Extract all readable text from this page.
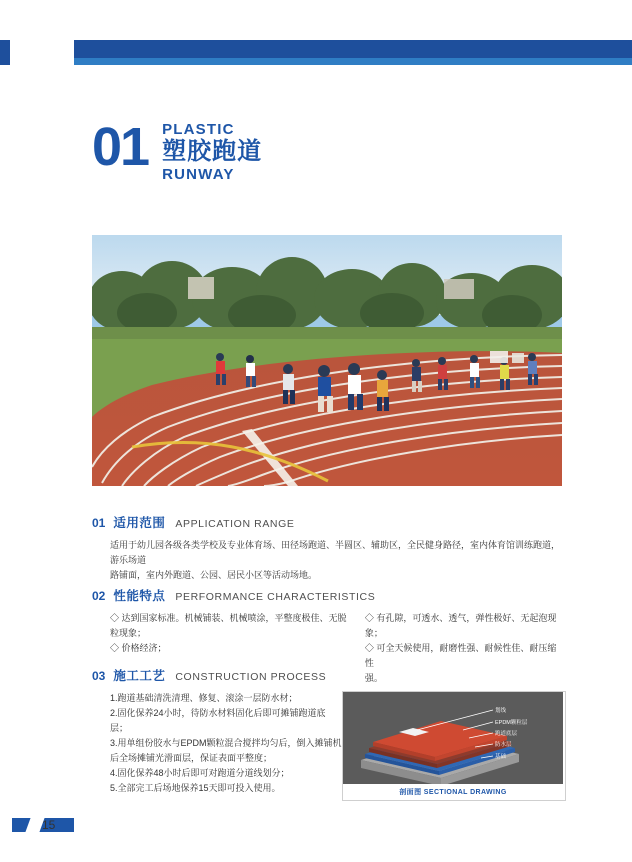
01 PLASTIC
塑胶跑道
RUNWAY
01 适用范围 APPLICATION RANGE

适用于幼儿园各级各类学校及专业体育场、田径场跑道、半圆区、辅助区，全民健身路径，室内体育馆训练跑道，游乐场道

路铺面，室内外跑道、公园、居民小区等活动场地。

02 性能特点 PERFORMANCE CHARACTERISTICS

◇ 达到国家标准。机械铺装、机械喷涂，平整度极佳、无脱

粒现象；

◇ 价格经济；

◇ 有孔隙，可透水、透气，弹性极好、无起泡现象；

◇ 可全天候使用，耐磨性强、耐候性佳、耐压缩性

强。

03 施工工艺 CONSTRUCTION PROCESS

1.跑道基础清洗清理、修复、滚涂一层防水材；

2.固化保养24小时，待防水材料固化后即可摊铺跑道底层；

3.用单组份胶水与EPDM颗粒混合搅拌均匀后，倒入摊铺机

后全场摊铺光滑面层，保证表面平整度；

4.固化保养48小时后即可对跑道分道线划分；

5.全部完工后场地保养15天即可投入使用。

划线
EPDM颗粒层
跑道底层
防水层
基础
剖面图 SECTIONAL DRAWING
15
